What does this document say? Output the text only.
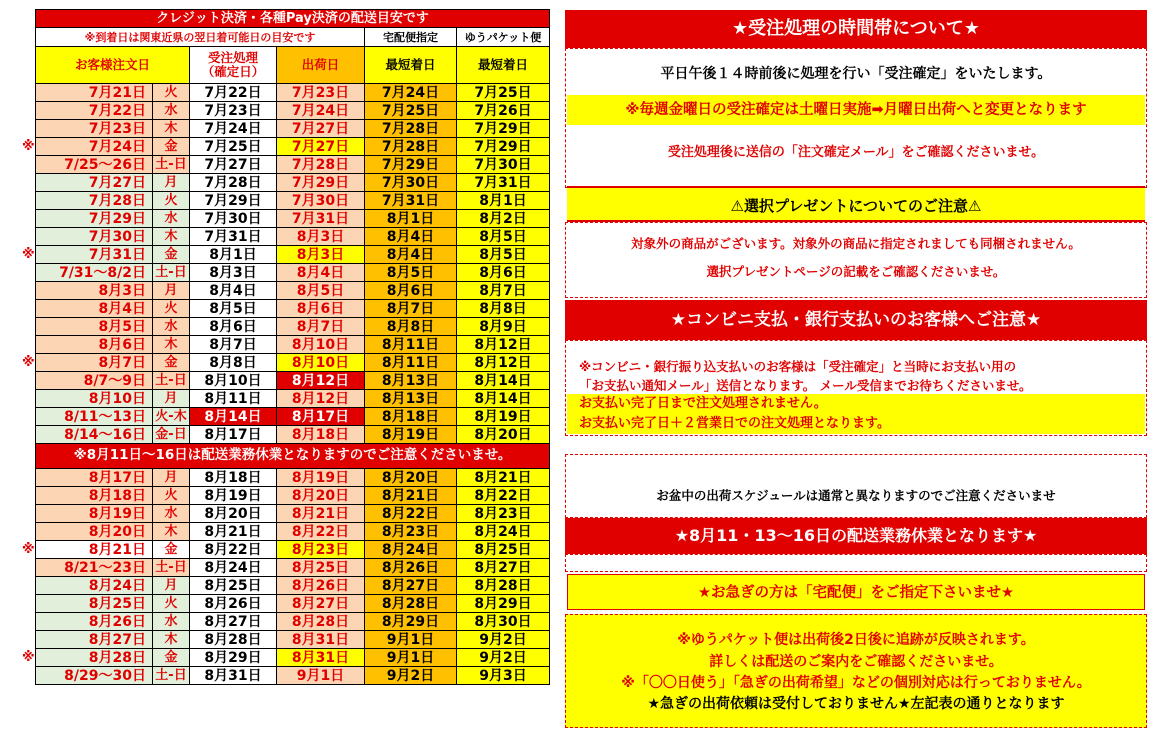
クレジット決済・各種Pay決済の配送目安です					
※到着日は関東近県の翌日着可能日の目安です				宅配便指定	ゆうパケット便
お客様注文日		受注処理
（確定日）	出荷日	最短着日	最短着日
7月21日	火	7月22日	7月23日	7月24日	7月25日
7月22日	水	7月23日	7月24日	7月25日	7月26日
7月23日	木	7月24日	7月27日	7月28日	7月29日
7月24日	金	7月25日	7月27日	7月28日	7月29日
7/25～26日	土-日	7月27日	7月28日	7月29日	7月30日
7月27日	月	7月28日	7月29日	7月30日	7月31日
7月28日	火	7月29日	7月30日	7月31日	8月1日
7月29日	水	7月30日	7月31日	8月1日	8月2日
7月30日	木	7月31日	8月3日	8月4日	8月5日
7月31日	金	8月1日	8月3日	8月4日	8月5日
7/31～8/2日	土-日	8月3日	8月4日	8月5日	8月6日
8月3日	月	8月4日	8月5日	8月6日	8月7日
8月4日	火	8月5日	8月6日	8月7日	8月8日
8月5日	水	8月6日	8月7日	8月8日	8月9日
8月6日	木	8月7日	8月10日	8月11日	8月12日
8月7日	金	8月8日	8月10日	8月11日	8月12日
8/7～9日	土-日	8月10日	8月12日	8月13日	8月14日
8月10日	月	8月11日	8月12日	8月13日	8月14日
8/11～13日	火-木	8月14日	8月17日	8月18日	8月19日
8/14～16日	金-日	8月17日	8月18日	8月19日	8月20日
※8月11日～16日は配送業務休業となりますのでご注意くださいませ。					
8月17日	月	8月18日	8月19日	8月20日	8月21日
8月18日	火	8月19日	8月20日	8月21日	8月22日
8月19日	水	8月20日	8月21日	8月22日	8月23日
8月20日	木	8月21日	8月22日	8月23日	8月24日
8月21日	金	8月22日	8月23日	8月24日	8月25日
8/21～23日	土-日	8月24日	8月25日	8月26日	8月27日
8月24日	月	8月25日	8月26日	8月27日	8月28日
8月25日	火	8月26日	8月27日	8月28日	8月29日
8月26日	水	8月27日	8月28日	8月29日	8月30日
8月27日	木	8月28日	8月31日	9月1日	9月2日
8月28日	金	8月29日	8月31日	9月1日	9月2日
8/29～30日	土-日	8月31日	9月1日	9月2日	9月3日
※
※
※
※
※
★受注処理の時間帯について★
平日午後１４時前後に処理を行い「受注確定」をいたします。
※毎週金曜日の受注確定は土曜日実施➡月曜日出荷へと変更となります
受注処理後に送信の「注文確定メール」をご確認くださいませ。
⚠選択プレゼントについてのご注意⚠
対象外の商品がございます。対象外の商品に指定されましても同梱されません。
選択プレゼントページの記載をご確認くださいませ。
★コンビニ支払・銀行支払いのお客様へご注意★
※コンビニ・銀行振り込支払いのお客様は「受注確定」と当時にお支払い用の
「お支払い通知メール」送信となります。 メール受信までお待ちくださいませ。
お支払い完了日まで注文処理されません。
お支払い完了日＋２営業日での注文処理となります。
お盆中の出荷スケジュールは通常と異なりますのでご注意くださいませ
★8月11・13～16日の配送業務休業となります★
★お急ぎの方は「宅配便」をご指定下さいませ★
※ゆうパケット便は出荷後2日後に追跡が反映されます。
詳しくは配送のご案内をご確認くださいませ。
※「〇〇日使う」「急ぎの出荷希望」などの個別対応は行っておりません。
★急ぎの出荷依頼は受付しておりません★左記表の通りとなります
